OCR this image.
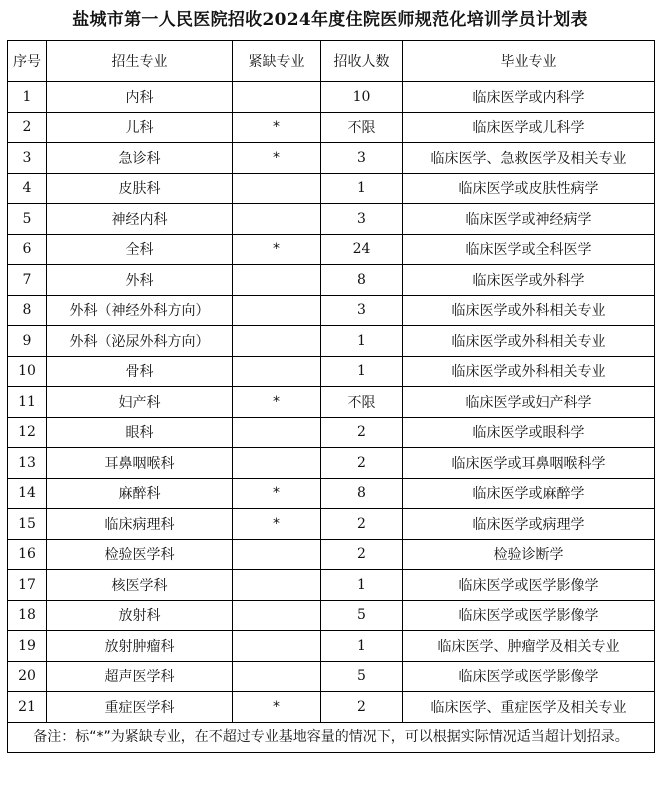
盐城市第一人民医院招收2024年度住院医师规范化培训学员计划表
序号	招生专业	紧缺专业	招收人数	毕业专业
1	内科		10	临床医学或内科学
2	儿科	*	不限	临床医学或儿科学
3	急诊科	*	3	临床医学、急救医学及相关专业
4	皮肤科		1	临床医学或皮肤性病学
5	神经内科		3	临床医学或神经病学
6	全科	*	24	临床医学或全科医学
7	外科		8	临床医学或外科学
8	外科（神经外科方向）		3	临床医学或外科相关专业
9	外科（泌尿外科方向）		1	临床医学或外科相关专业
10	骨科		1	临床医学或外科相关专业
11	妇产科	*	不限	临床医学或妇产科学
12	眼科		2	临床医学或眼科学
13	耳鼻咽喉科		2	临床医学或耳鼻咽喉科学
14	麻醉科	*	8	临床医学或麻醉学
15	临床病理科	*	2	临床医学或病理学
16	检验医学科		2	检验诊断学
17	核医学科		1	临床医学或医学影像学
18	放射科		5	临床医学或医学影像学
19	放射肿瘤科		1	临床医学、肿瘤学及相关专业
20	超声医学科		5	临床医学或医学影像学
21	重症医学科	*	2	临床医学、重症医学及相关专业
备注：标“*”为紧缺专业，在不超过专业基地容量的情况下，可以根据实际情况适当超计划招录。				
